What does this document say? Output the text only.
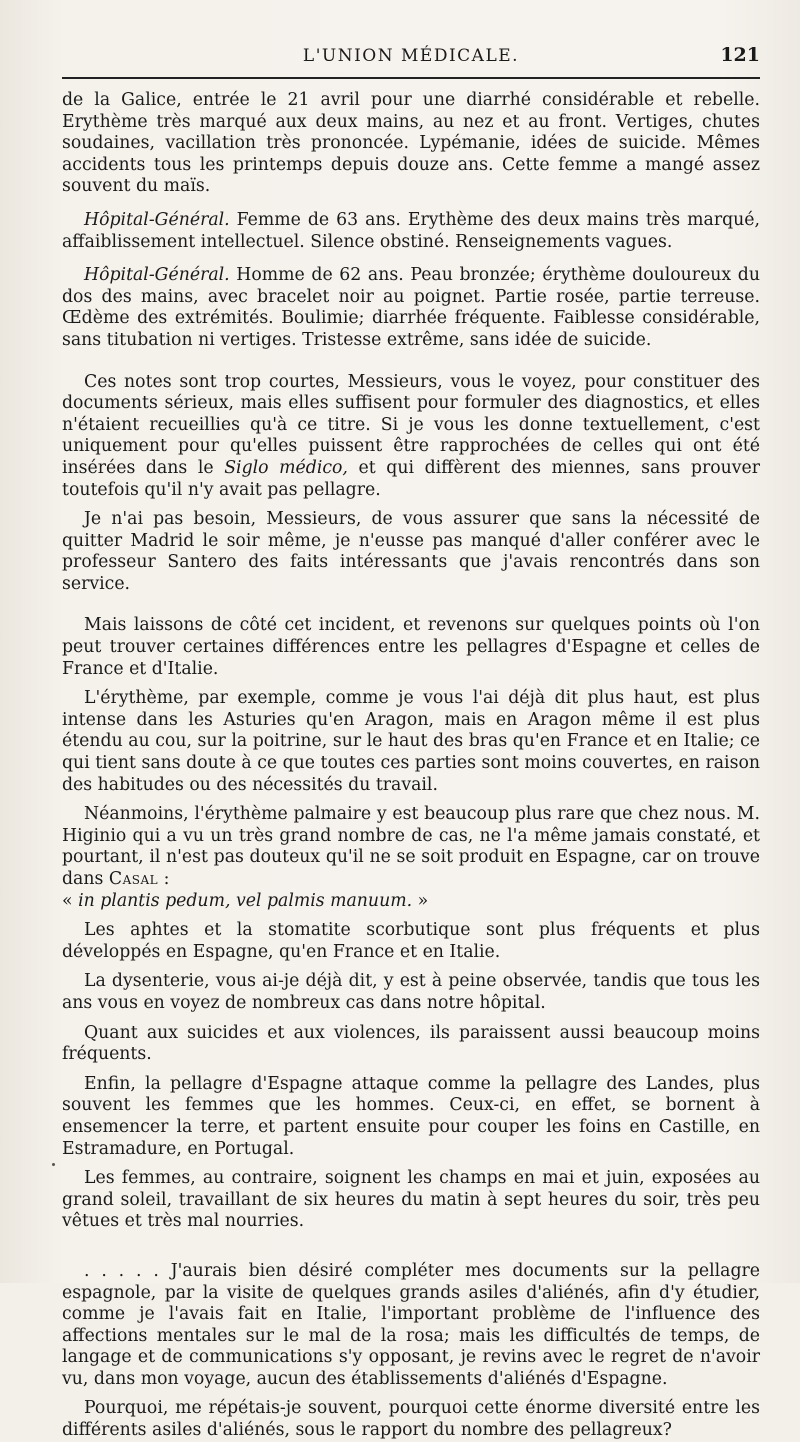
L'UNION MÉDICALE.	121

de la Galice, entrée le 21 avril pour une diarrhé considérable et rebelle. Erythème très marqué aux deux mains, au nez et au front. Vertiges, chutes soudaines, vacillation très prononcée. Lypémanie, idées de suicide. Mêmes accidents tous les printemps depuis douze ans. Cette femme a mangé assez souvent du maïs.

Hôpital-Général. Femme de 63 ans. Erythème des deux mains très marqué, affaiblissement intellectuel. Silence obstiné. Renseignements vagues.

Hôpital-Général. Homme de 62 ans. Peau bronzée; érythème douloureux du dos des mains, avec bracelet noir au poignet. Partie rosée, partie terreuse. Œdème des extrémités. Boulimie; diarrhée fréquente. Faiblesse considérable, sans titubation ni vertiges. Tristesse extrême, sans idée de suicide.

Ces notes sont trop courtes, Messieurs, vous le voyez, pour constituer des documents sérieux, mais elles suffisent pour formuler des diagnostics, et elles n'étaient recueillies qu'à ce titre. Si je vous les donne textuellement, c'est uniquement pour qu'elles puissent être rapprochées de celles qui ont été insérées dans le Siglo médico, et qui diffèrent des miennes, sans prouver toutefois qu'il n'y avait pas pellagre.

Je n'ai pas besoin, Messieurs, de vous assurer que sans la nécessité de quitter Madrid le soir même, je n'eusse pas manqué d'aller conférer avec le professeur Santero des faits intéressants que j'avais rencontrés dans son service.

Mais laissons de côté cet incident, et revenons sur quelques points où l'on peut trouver certaines différences entre les pellagres d'Espagne et celles de France et d'Italie.

L'érythème, par exemple, comme je vous l'ai déjà dit plus haut, est plus intense dans les Asturies qu'en Aragon, mais en Aragon même il est plus étendu au cou, sur la poitrine, sur le haut des bras qu'en France et en Italie; ce qui tient sans doute à ce que toutes ces parties sont moins couvertes, en raison des habitudes ou des nécessités du travail.

Néanmoins, l'érythème palmaire y est beaucoup plus rare que chez nous. M. Higinio qui a vu un très grand nombre de cas, ne l'a même jamais constaté, et pourtant, il n'est pas douteux qu'il ne se soit produit en Espagne, car on trouve dans Casal :

« in plantis pedum, vel palmis manuum. »

Les aphtes et la stomatite scorbutique sont plus fréquents et plus développés en Espagne, qu'en France et en Italie.

La dysenterie, vous ai-je déjà dit, y est à peine observée, tandis que tous les ans vous en voyez de nombreux cas dans notre hôpital.

Quant aux suicides et aux violences, ils paraissent aussi beaucoup moins fréquents.

Enfin, la pellagre d'Espagne attaque comme la pellagre des Landes, plus souvent les femmes que les hommes. Ceux-ci, en effet, se bornent à ensemencer la terre, et partent ensuite pour couper les foins en Castille, en Estramadure, en Portugal.

Les femmes, au contraire, soignent les champs en mai et juin, exposées au grand soleil, travaillant de six heures du matin à sept heures du soir, très peu vêtues et très mal nourries.

. . . . . J'aurais bien désiré compléter mes documents sur la pellagre espagnole, par la visite de quelques grands asiles d'aliénés, afin d'y étudier, comme je l'avais fait en Italie, l'important problème de l'influence des affections mentales sur le mal de la rosa; mais les difficultés de temps, de langage et de communications s'y opposant, je revins avec le regret de n'avoir vu, dans mon voyage, aucun des établissements d'aliénés d'Espagne.

Pourquoi, me répétais-je souvent, pourquoi cette énorme diversité entre les différents asiles d'aliénés, sous le rapport du nombre des pellagreux?
